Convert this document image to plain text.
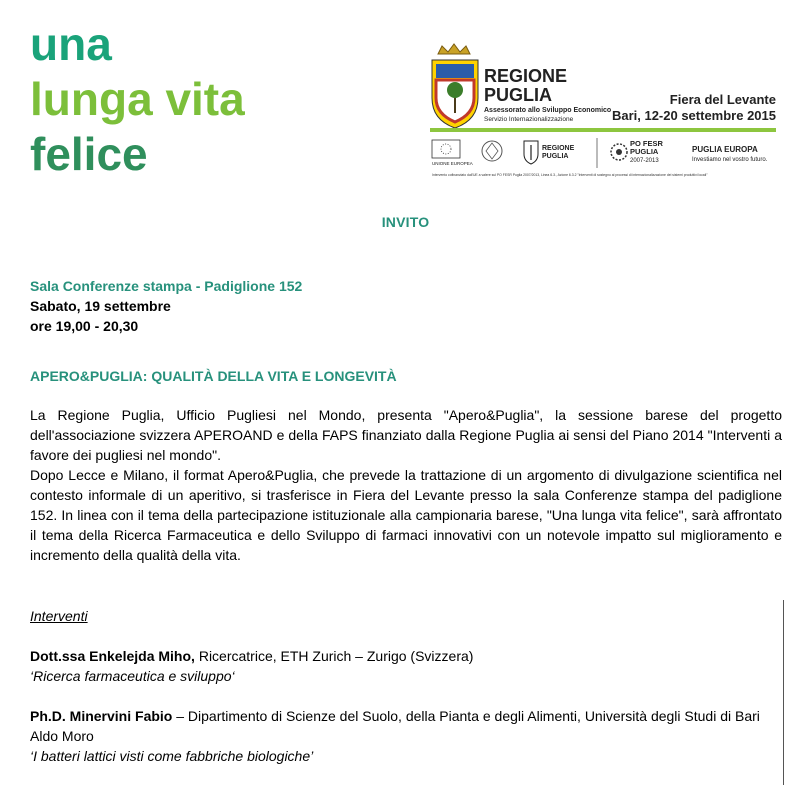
una
lunga vita
felice
REGIONE
PUGLIA
Assessorato allo Sviluppo Economico
Servizio Internazionalizzazione
Fiera del Levante
Bari, 12-20 settembre 2015
UNIONE EUROPEA
REGIONE
PUGLIA
PO FESR
PUGLIA
2007-2013
PUGLIA EUROPA
Investiamo nel vostro futuro.
Intervento cofinanziato dall'UE a valere sul PO FESR Puglia 2007/2013, Linea 6.3., Azione 6.3.2 "Interventi di sostegno ai processi di internazionalizzazione dei sistemi produttivi locali"
INVITO
Sala Conferenze stampa - Padiglione 152
Sabato, 19 settembre
ore 19,00 - 20,30
APERO&PUGLIA: QUALITÀ DELLA VITA E LONGEVITÀ
La Regione Puglia, Ufficio Pugliesi nel Mondo, presenta "Apero&Puglia", la sessione barese del progetto dell'associazione svizzera APEROAND e della FAPS finanziato dalla Regione Puglia ai sensi del Piano 2014 "Interventi a favore dei pugliesi nel mondo".
Dopo Lecce e Milano, il format Apero&Puglia, che prevede la trattazione di un argomento di divulgazione scientifica nel contesto informale di un aperitivo, si trasferisce in Fiera del Levante presso la sala Conferenze stampa del padiglione 152. In linea con il tema della partecipazione istituzionale alla campionaria barese, "Una lunga vita felice", sarà affrontato il tema della Ricerca Farmaceutica e dello Sviluppo di farmaci innovativi con un notevole impatto sul miglioramento e incremento della qualità della vita.
Interventi
Dott.ssa Enkelejda Miho, Ricercatrice, ETH Zurich – Zurigo (Svizzera)
‘Ricerca farmaceutica e sviluppo‘
Ph.D. Minervini Fabio – Dipartimento di Scienze del Suolo, della Pianta e degli Alimenti, Università degli Studi di Bari Aldo Moro
‘I batteri lattici visti come fabbriche biologiche’
